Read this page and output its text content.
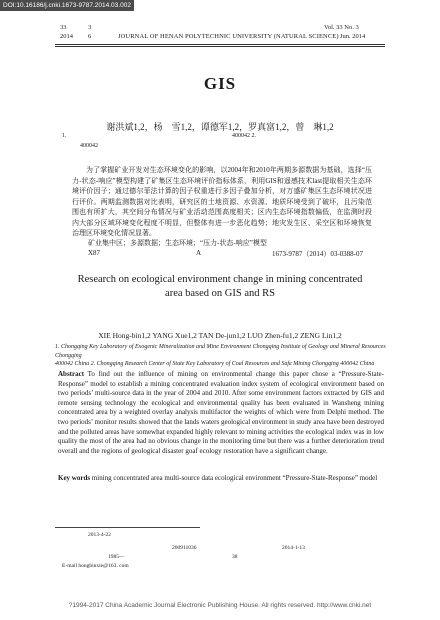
DOI:10.16186/j.cnki.1673-9787.2014.03.002
33	3
2014 6	JOURNAL OF HENAN POLYTECHNIC UNIVERSITY (NATURAL SCIENCE)
Vol. 33 No. 3
Jun. 2014
GIS
谢洪斌1,2，杨　雪1,2，谭德军1,2，罗真富1,2，曾　琳1,2
1.
400042
400042 2.
为了掌握矿业开发对生态环境变化的影响，以2004年和2010年两期多源数据为基础，选择“压力-状态-响应”模型构建了矿集区生态环境评价指标体系，利用GIS和遥感技术last提取相关生态环境评价因子；通过德尔菲法计算的因子权重进行多因子叠加分析，对万盛矿集区生态环境状况进行评价。两期监测数据对比表明，研究区的土地资源、水资源、地质环境受到了破坏，且污染范围也有所扩大，其空间分布情况与矿业活动范围高度相关；区内生态环境指数偏低，在监测时段内大部分区域环境变化程度不明显，但整体有进一步恶化趋势；地灾发生区、采空区和环境恢复治理区环境变化情况显著。
矿业集中区；多源数据；生态环境；“压力-状态-响应”模型
X87	A	1673-9787（2014）03-0388-07
Research on ecological environment change in mining concentrated
area based on GIS and RS
XIE Hong-bin1,2 YANG Xue1,2 TAN De-jun1,2 LUO Zhen-fu1,2 ZENG Lin1,2
1. Chongqing Key Laboratory of Exogenic Mineralization and Mine Environment Chongqing Institute of Geology and Mineral Resources Chongqing
400042 China 2. Chongqing Research Center of State Key Laboratory of Coal Resources and Safe Mining Chongqing 400042 China
Abstract To find out the influence of mining on environmental change this paper chose a “Pressure-State-Response” model to establish a mining concentrated evaluation index system of ecological environment based on two periods’ multi-source data in the year of 2004 and 2010. After some environment factors extracted by GIS and remote sensing technology the ecological and environmental quality has been evaluated in Wansheng mining concentrated area by a weighted overlay analysis multifactor the weights of which were from Delphi method. The two periods’ monitor results showed that the lands waters geological environment in study area have been destroyed and the polluted areas have somewhat expanded highly relevant to mining activities the ecological index was in low quality the most of the area had no obvious change in the monitoring time but there was a further deterioration trend overall and the regions of geological disaster goaf ecology restoration have a significant change.
Key words mining concentrated area multi-source data ecological environment “Pressure-State-Response” model
2013-4-22
2014-1-13
200911036
1985—	38
E-mail hongbinxie@163. com
?1994-2017 China Academic Journal Electronic Publishing House. All rights reserved. http://www.cnki.net
